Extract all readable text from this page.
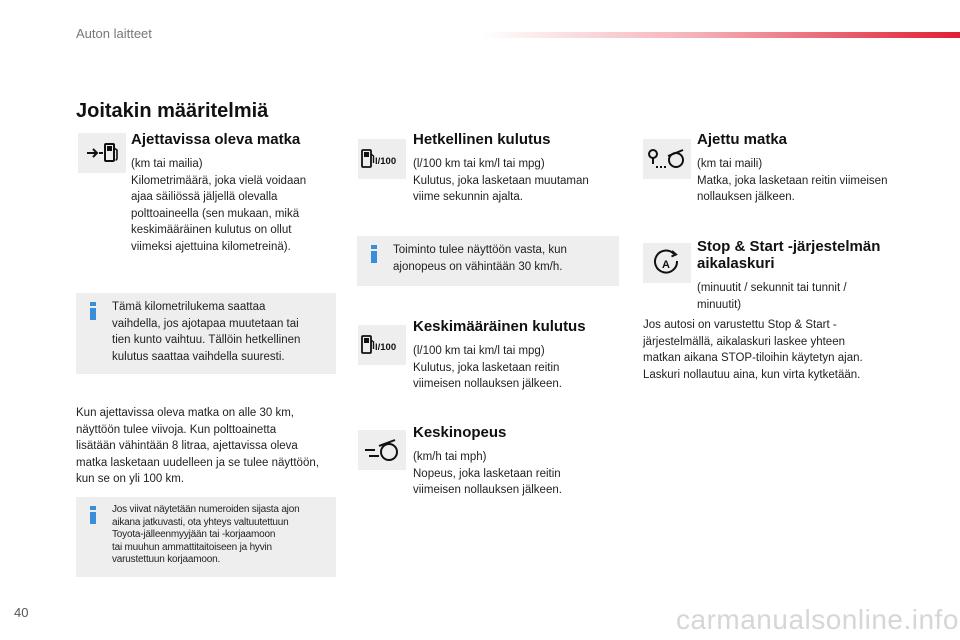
Auton laitteet
Joitakin määritelmiä
Ajettavissa oleva matka

(km tai mailia)
Kilometrimäärä, joka vielä voidaan
ajaa säiliössä jäljellä olevalla
polttoaineella (sen mukaan, mikä
keskimääräinen kulutus on ollut
viimeksi ajettuina kilometreinä).

Tämä kilometrilukema saattaa
vaihdella, jos ajotapaa muutetaan tai
tien kunto vaihtuu. Tällöin hetkellinen
kulutus saattaa vaihdella suuresti.

Kun ajettavissa oleva matka on alle 30 km,
näyttöön tulee viivoja. Kun polttoainetta
lisätään vähintään 8 litraa, ajettavissa oleva
matka lasketaan uudelleen ja se tulee näyttöön,
kun se on yli 100 km.

Jos viivat näytetään numeroiden sijasta ajon
aikana jatkuvasti, ota yhteys valtuutettuun
Toyota-jälleenmyyjään tai -korjaamoon
tai muuhun ammattitaitoiseen ja hyvin
varustettuun korjaamoon.

l/100
Hetkellinen kulutus

(l/100 km tai km/l tai mpg)
Kulutus, joka lasketaan muutaman
viime sekunnin ajalta.

Toiminto tulee näyttöön vasta, kun
ajonopeus on vähintään 30 km/h.

l/100
Keskimääräinen kulutus

(l/100 km tai km/l tai mpg)
Kulutus, joka lasketaan reitin
viimeisen nollauksen jälkeen.

Keskinopeus

(km/h tai mph)
Nopeus, joka lasketaan reitin
viimeisen nollauksen jälkeen.

Ajettu matka

(km tai maili)
Matka, joka lasketaan reitin viimeisen
nollauksen jälkeen.

A
Stop & Start -järjestelmän
aikalaskuri

(minuutit / sekunnit tai tunnit /
minuutit)

Jos autosi on varustettu Stop & Start -
järjestelmällä, aikalaskuri laskee yhteen
matkan aikana STOP-tiloihin käytetyn ajan.
Laskuri nollautuu aina, kun virta kytketään.
40	carmanualsonline.info
